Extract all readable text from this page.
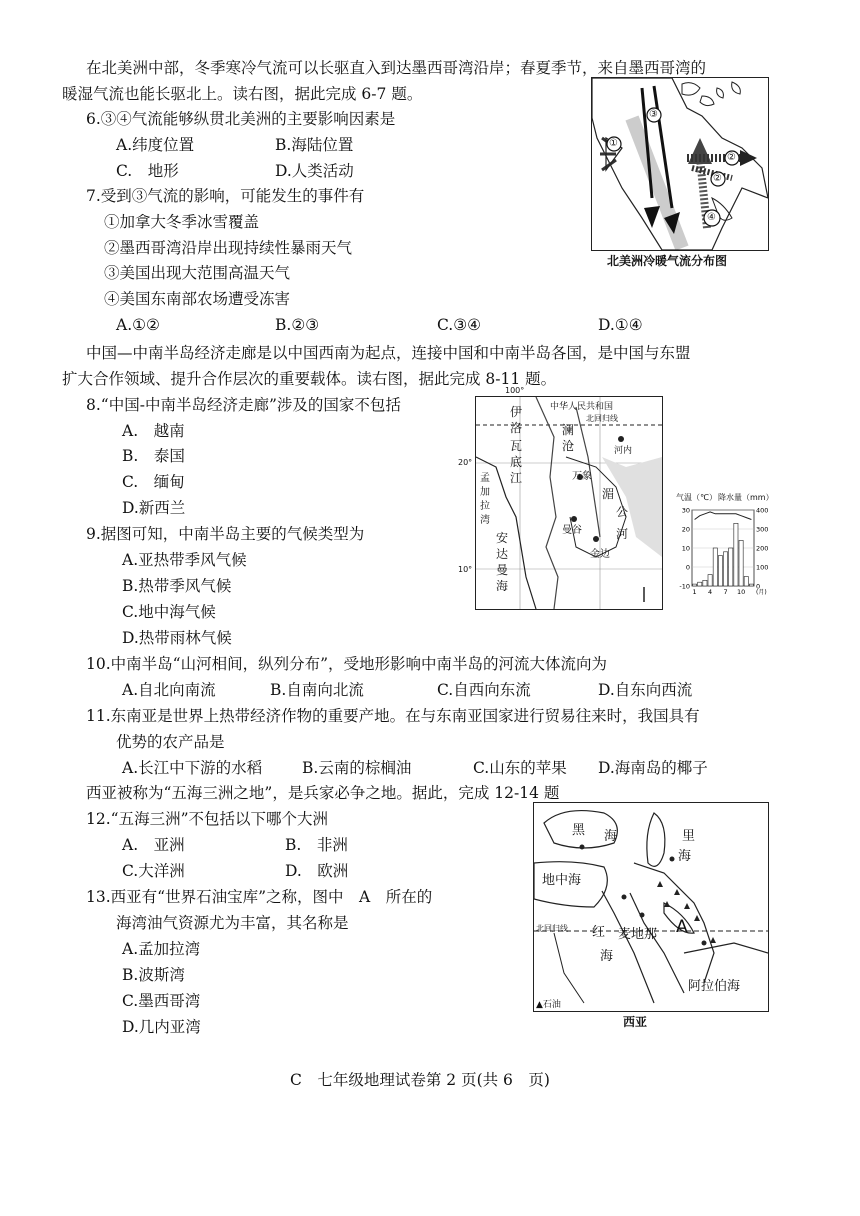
在北美洲中部，冬季寒冷气流可以长驱直入到达墨西哥湾沿岸；春夏季节，来自墨西哥湾的
暖湿气流也能长驱北上。读右图，据此完成 6-7 题。
6.③④气流能够纵贯北美洲的主要影响因素是
A.纬度位置	B.海陆位置
C.　地形	D.人类活动
7.受到③气流的影响，可能发生的事件有
①加拿大冬季冰雪覆盖
②墨西哥湾沿岸出现持续性暴雨天气
③美国出现大范围高温天气
④美国东南部农场遭受冻害
A.①②	B.②③	C.③④	D.①④
①
②
③
④
②
北美洲冷暖气流分布图
中国—中南半岛经济走廊是以中国西南为起点，连接中国和中南半岛各国，是中国与东盟
扩大合作领域、提升合作层次的重要载体。读右图，据此完成 8-11 题。
8.“中国-中南半岛经济走廊”涉及的国家不包括
A.　越南
B.　泰国
C.　缅甸
D.新西兰
9.据图可知，中南半岛主要的气候类型为
A.亚热带季风气候
B.热带季风气候
C.地中海气候
D.热带雨林气候
中华人民共和国
北回归线
伊
洛
瓦
底
江
澜
沧	河内
孟
加
拉
湾
万象
湄
公
河
曼谷
金边
安
达
曼
海
100°
20°
10°
气温（℃） 降水量（mm）
30
20
10
0
-10
400
300
200
100
0
1 4 7 10 (月)
10.中南半岛“山河相间，纵列分布”，受地形影响中南半岛的河流大体流向为
A.自北向南流	B.自南向北流	C.自西向东流	D.自东向西流
11.东南亚是世界上热带经济作物的重要产地。在与东南亚国家进行贸易往来时，我国具有
优势的农产品是
A.长江中下游的水稻	B.云南的棕榈油	C.山东的苹果 D.海南岛的椰子
西亚被称为“五海三洲之地”，是兵家必争之地。据此，完成 12-14 题
12.“五海三洲”不包括以下哪个大洲
A.　亚洲	B.　非洲
C.大洋洲	D.　欧洲
13.西亚有“世界石油宝库”之称，图中　A　所在的
海湾油气资源尤为丰富，其名称是
A.孟加拉湾
B.波斯湾
C.墨西哥湾
D.几内亚湾
黑 海	里
海
地中海
北回归线 红
海
麦地那 A
阿拉伯海
▲石油
西亚
C　七年级地理试卷第 2 页(共 6　页)
